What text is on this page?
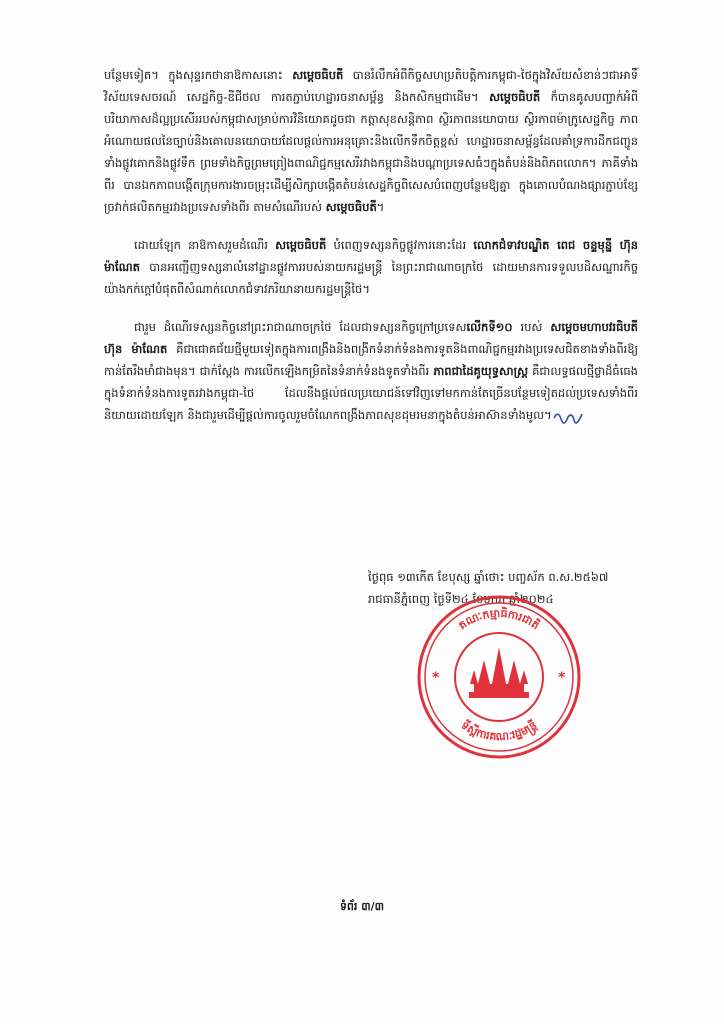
បន្ថែមទៀត។ ក្នុងសុន្ទរកថានាឱកាសនោះ សម្តេចធិបតី បានរំលឹកអំពីកិច្ចសហប្រតិបត្តិការកម្ពុជា-ថៃក្នុងវិស័យសំខាន់ៗជាអាទិ៍ វិស័យទេសចរណ៍ សេដ្ឋកិច្ច-ឌីជីថល ការតភ្ជាប់ហេដ្ឋារចនាសម្ព័ន្ធ និងកសិកម្មជាដើម។ សម្តេចធិបតី ក៏បានគូសបញ្ជាក់អំពីបរិយាកាសដ៏ល្អប្រសើររបស់កម្ពុជាសម្រាប់ការវិនិយោគដូចជា កត្តាសុខសន្តិភាព ស្ថិរភាពនយោបាយ ស្ថិរភាពម៉ាក្រូសេដ្ឋកិច្ច ភាពអំណោយផលនៃច្បាប់និងគោលនយោបាយដែលផ្តល់ការអនុគ្រោះនិងលើកទឹកចិត្តខ្ពស់ ហេដ្ឋារចនាសម្ព័ន្ធដែលគាំទ្រការដឹកជញ្ជូនទាំងផ្លូវគោកនិងផ្លូវទឹក ព្រមទាំងកិច្ចព្រមព្រៀងពាណិជ្ជកម្មសេរីរវាងកម្ពុជានិងបណ្តាប្រទេសធំៗក្នុងតំបន់និងពិភពលោក។ ភាគីទាំងពីរ បានឯកភាពបង្កើតក្រុមការងារចម្រុះដើម្បីសិក្សាបង្កើតតំបន់សេដ្ឋកិច្ចពិសេសបំពេញបន្ថែមឱ្យគ្នា ក្នុងគោលបំណងផ្សារភ្ជាប់ខ្សែច្រវាក់ផលិតកម្មរវាងប្រទេសទាំងពីរ តាមសំណើរបស់ សម្តេចធិបតី។

ដោយឡែក នាឱកាសរួមដំណើរ សម្តេចធិបតី បំពេញទស្សនកិច្ចផ្លូវការនោះដែរ លោកជំទាវបណ្ឌិត ពេជ ចន្ទមុន្នី ហ៊ុនម៉ាណែត បានអញ្ជើញទស្សនាលំនៅដ្ឋានផ្លូវការរបស់នាយករដ្ឋមន្ត្រី នៃព្រះរាជាណាចក្រថៃ ដោយមានការទទួលបដិសណ្ឋារកិច្ចយ៉ាងកក់ក្តៅបំផុតពីសំណាក់លោកជំទាវភរិយានាយករដ្ឋមន្ត្រីថៃ។

ជារួម ដំណើរទស្សនកិច្ចនៅព្រះរាជាណាចក្រថៃ ដែលជាទស្សនកិច្ចក្រៅប្រទេសលើកទី១០ របស់ សម្តេចមហាបវរធិបតី ហ៊ុន ម៉ាណែត គឺជាជោគជ័យថ្មីមួយទៀតក្នុងការពង្រឹងនិងពង្រីកទំនាក់ទំនងការទូតនិងពាណិជ្ជកម្មរវាងប្រទេសជិតខាងទាំងពីរឱ្យកាន់តែរឹងមាំជាងមុន។ ជាក់ស្តែង ការលើកឡើងកម្រិតនៃទំនាក់ទំនងទូតទាំងពីរ ភាពជាដៃគូយុទ្ធសាស្ត្រ គឺជាលទ្ធផលថ្មីថ្លាដ៏ធំធេងក្នុងទំនាក់ទំនងការទូតរវាងកម្ពុជា-ថៃ ដែលនឹងផ្តល់ផលប្រយោជន៍ទៅវិញទៅមកកាន់តែច្រើនបន្ថែមទៀតដល់ប្រទេសទាំងពីរ និយាយដោយឡែក និងជារួមដើម្បីផ្តល់ការចូលរួមចំណែកពង្រឹងភាពសុខដុមរមនាក្នុងតំបន់អាស៊ានទាំងមូល។

ថ្ងៃពុធ ១៣កើត ខែបុស្ស ឆ្នាំថោះ បញ្ចស័ក ព.ស.២៥៦៧
រាជធានីភ្នំពេញ ថ្ងៃទី២៤ ខែមករា ឆ្នាំ២០២៤
គណៈកម្មាធិការជាតិ
ទីស្តីការគណៈរដ្ឋមន្ត្រី
*	*
ទំព័រ ៣/៣
